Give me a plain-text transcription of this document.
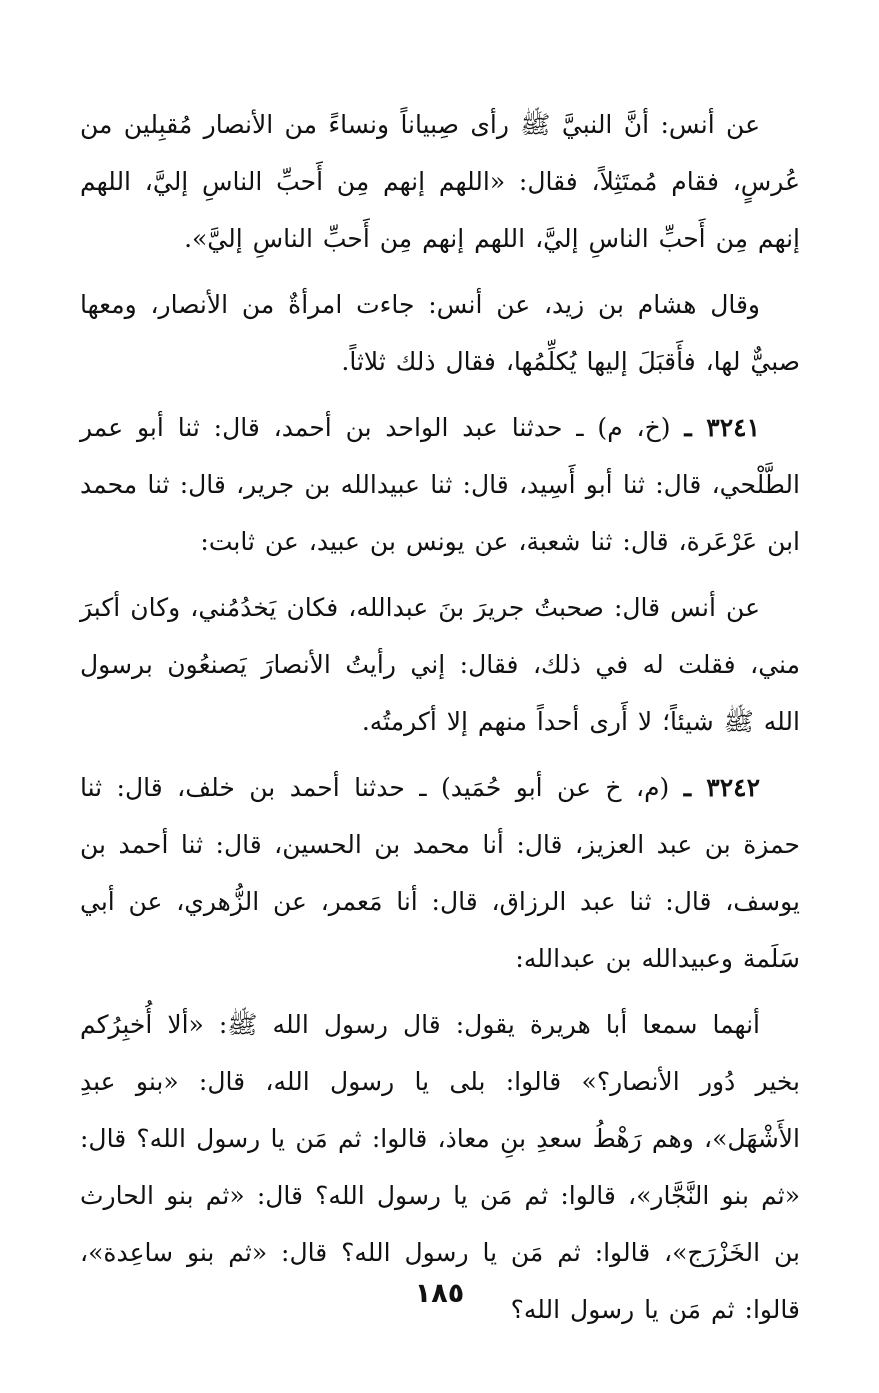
عن أنس: أنَّ النبيَّ ﷺ رأى صِبياناً ونساءً من الأنصار مُقبِلين من عُرسٍ، فقام مُمتَثِلاً، فقال: «اللهم إنهم مِن أَحبِّ الناسِ إليَّ، اللهم إنهم مِن أَحبِّ الناسِ إليَّ، اللهم إنهم مِن أَحبِّ الناسِ إليَّ».

وقال هشام بن زيد، عن أنس: جاءت امرأةٌ من الأنصار، ومعها صبيٌّ لها، فأَقبَلَ إليها يُكلِّمُها، فقال ذلك ثلاثاً.

٣٢٤١ ـ (خ، م) ـ حدثنا عبد الواحد بن أحمد، قال: ثنا أبو عمر الطَّلْحي، قال: ثنا أبو أَسِيد، قال: ثنا عبيدالله بن جرير، قال: ثنا محمد ابن عَرْعَرة، قال: ثنا شعبة، عن يونس بن عبيد، عن ثابت:

عن أنس قال: صحبتُ جريرَ بنَ عبدالله، فكان يَخدُمُني، وكان أكبرَ مني، فقلت له في ذلك، فقال: إني رأيتُ الأنصارَ يَصنعُون برسول الله ﷺ شيئاً؛ لا أَرى أحداً منهم إلا أكرمتُه.

٣٢٤٢ ـ (م، خ عن أبو حُمَيد) ـ حدثنا أحمد بن خلف، قال: ثنا حمزة بن عبد العزيز، قال: أنا محمد بن الحسين، قال: ثنا أحمد بن يوسف، قال: ثنا عبد الرزاق، قال: أنا مَعمر، عن الزُّهري، عن أبي سَلَمة وعبيدالله بن عبدالله:

أنهما سمعا أبا هريرة يقول: قال رسول الله ﷺ: «ألا أُخبِرُكم بخير دُور الأنصار؟» قالوا: بلى يا رسول الله، قال: «بنو عبدِ الأَشْهَل»، وهم رَهْطُ سعدِ بنِ معاذ، قالوا: ثم مَن يا رسول الله؟ قال: «ثم بنو النَّجَّار»، قالوا: ثم مَن يا رسول الله؟ قال: «ثم بنو الحارث بن الخَزْرَج»، قالوا: ثم مَن يا رسول الله؟ قال: «ثم بنو ساعِدة»، قالوا: ثم مَن يا رسول الله؟

١٨٥
